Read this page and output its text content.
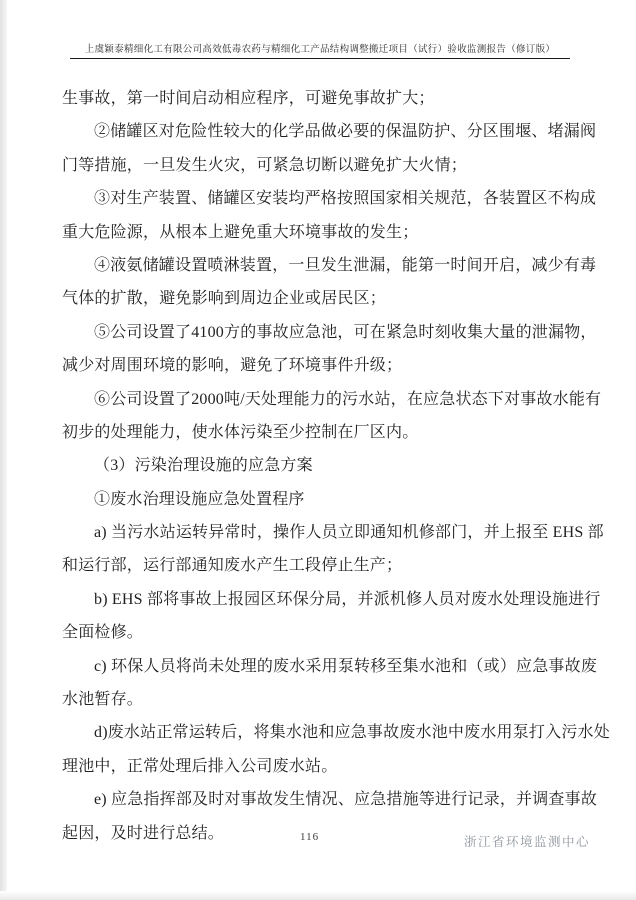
上虞颖泰精细化工有限公司高效低毒农药与精细化工产品结构调整搬迁项目（试行）验收监测报告（修订版）
生事故，第一时间启动相应程序，可避免事故扩大；
②储罐区对危险性较大的化学品做必要的保温防护、分区围堰、堵漏阀
门等措施，一旦发生火灾，可紧急切断以避免扩大火情；
③对生产装置、储罐区安装均严格按照国家相关规范，各装置区不构成
重大危险源，从根本上避免重大环境事故的发生；
④液氨储罐设置喷淋装置，一旦发生泄漏，能第一时间开启，减少有毒
气体的扩散，避免影响到周边企业或居民区；
⑤公司设置了4100方的事故应急池，可在紧急时刻收集大量的泄漏物，
减少对周围环境的影响，避免了环境事件升级；
⑥公司设置了2000吨/天处理能力的污水站，在应急状态下对事故水能有
初步的处理能力，使水体污染至少控制在厂区内。
（3）污染治理设施的应急方案
①废水治理设施应急处置程序
a) 当污水站运转异常时，操作人员立即通知机修部门，并上报至 EHS 部
和运行部，运行部通知废水产生工段停止生产；
b) EHS 部将事故上报园区环保分局，并派机修人员对废水处理设施进行
全面检修。
c) 环保人员将尚未处理的废水采用泵转移至集水池和（或）应急事故废
水池暂存。
d)废水站正常运转后，将集水池和应急事故废水池中废水用泵打入污水处
理池中，正常处理后排入公司废水站。
e) 应急指挥部及时对事故发生情况、应急措施等进行记录，并调查事故
起因，及时进行总结。	116	浙江省环境监测中心
